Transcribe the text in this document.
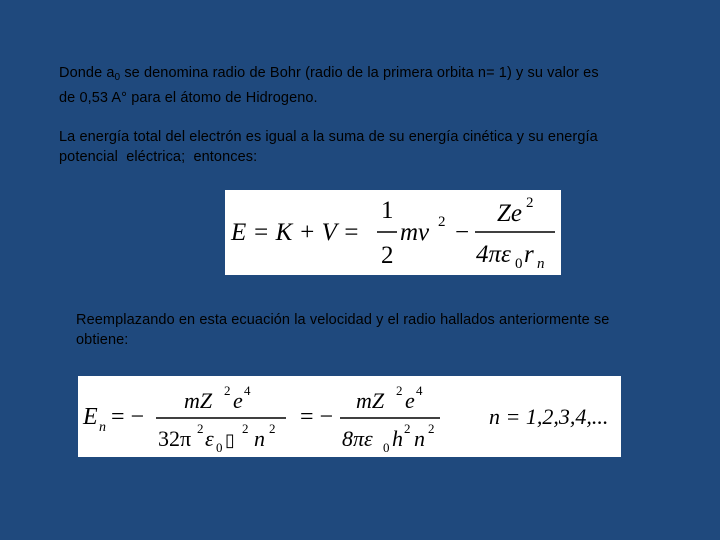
Donde $a_0$ se denomina radio de Bohr (radio de la primera orbita n= 1) y su valor es
de 0,53 A° para el átomo de Hidrogeno.

La energía total del electrón es igual a la suma de su energía cinética y su energía
potencial  eléctrica;  entonces:

E = K + V =
1
2
mv 2 −
Ze 2
4πε 0 r n

Reemplazando en esta ecuación la velocidad y el radio hallados anteriormente se
obtiene:

E n = −
mZ 2 e 4
32π 2 ε 0 ▯
2 n 2 = −
mZ 2 e 4
8πε 0 h 2 n 2 n = 1,2,3,4,...
